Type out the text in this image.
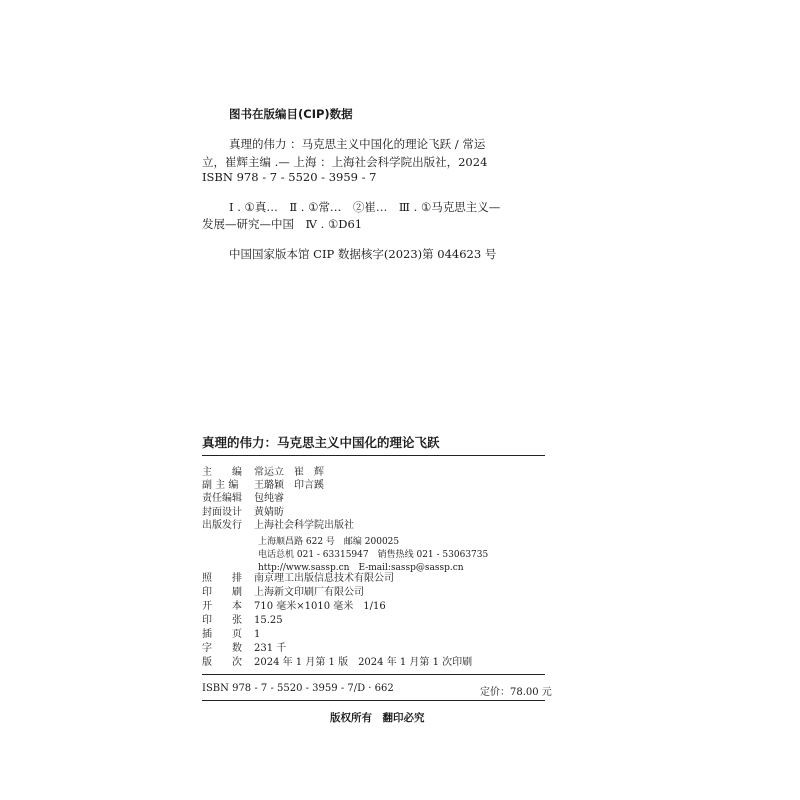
图书在版编目(CIP)数据
真理的伟力 ：马克思主义中国化的理论飞跃 / 常运
立，崔辉主编 .— 上海 ：上海社会科学院出版社，2024
ISBN 978 - 7 - 5520 - 3959 - 7
Ⅰ . ①真…　Ⅱ . ①常…　②崔…　Ⅲ . ①马克思主义—
发展—研究—中国　Ⅳ . ①D61
中国国家版本馆 CIP 数据核字(2023)第 044623 号
真理的伟力：马克思主义中国化的理论飞跃
主　　编 常运立　崔　辉
副 主 编 王璐颖　印言蹊
责任编辑 包纯睿
封面设计 黄婧昉
出版发行 上海社会科学院出版社
上海顺昌路 622 号　邮编 200025
电话总机 021 - 63315947　销售热线 021 - 53063735
http://www.sassp.cn　E-mail:sassp@sassp.cn
照　　排 南京理工出版信息技术有限公司
印　　刷 上海新文印刷厂有限公司
开　　本 710 毫米×1010 毫米　1/16
印　　张 15.25
插　　页 1
字　　数 231 千
版　　次 2024 年 1 月第 1 版　2024 年 1 月第 1 次印刷
ISBN 978 - 7 - 5520 - 3959 - 7/D · 662	定价：78.00 元
版权所有　翻印必究
